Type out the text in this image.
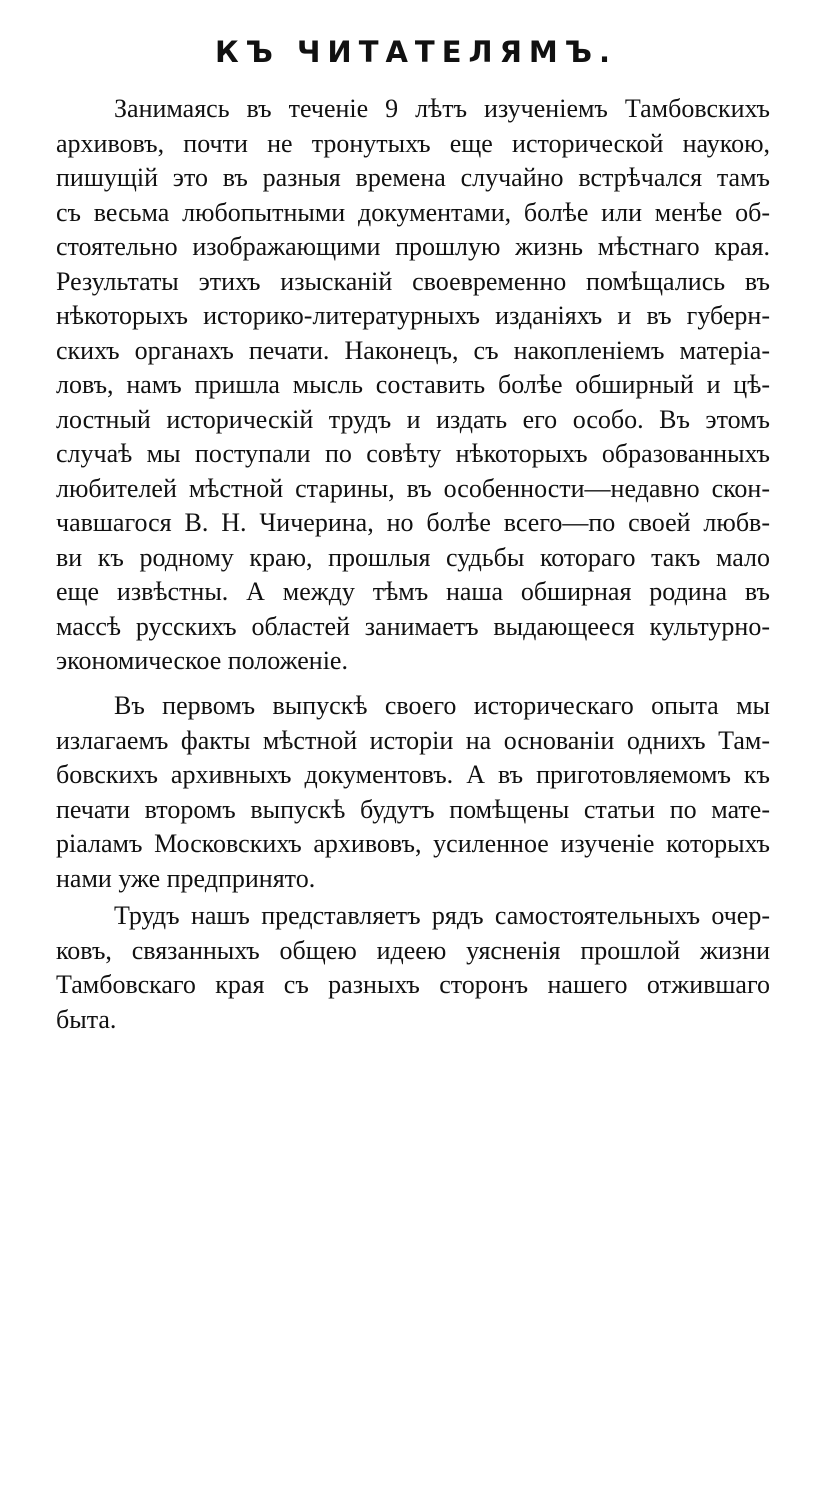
КЪ ЧИТАТЕЛЯМЪ.
Занимаясь въ теченіе 9 лѣтъ изученіемъ Тамбовскихъ
архивовъ, почти не тронутыхъ еще исторической наукою,
пишущій это въ разныя времена случайно встрѣчался тамъ
съ весьма любопытными документами, болѣе или менѣе об-
стоятельно изображающими прошлую жизнь мѣстнаго края.
Результаты этихъ изысканій своевременно помѣщались въ
нѣкоторыхъ историко-литературныхъ изданіяхъ и въ губерн-
скихъ органахъ печати. Наконецъ, съ накопленіемъ матеріа-
ловъ, намъ пришла мысль составить болѣе обширный и цѣ-
лостный историческій трудъ и издать его особо. Въ этомъ
случаѣ мы поступали по совѣту нѣкоторыхъ образованныхъ
любителей мѣстной старины, въ особенности—недавно скон-
чавшагося В. Н. Чичерина, но болѣе всего—по своей любв-
ви къ родному краю, прошлыя судьбы котораго такъ мало
еще извѣстны. А между тѣмъ наша обширная родина въ
массѣ русскихъ областей занимаетъ выдающееся культурно-
экономическое положеніе.
Въ первомъ выпускѣ своего историческаго опыта мы
излагаемъ факты мѣстной исторіи на основаніи однихъ Там-
бовскихъ архивныхъ документовъ. А въ приготовляемомъ къ
печати второмъ выпускѣ будутъ помѣщены статьи по мате-
ріаламъ Московскихъ архивовъ, усиленное изученіе которыхъ
нами уже предпринято.
Трудъ нашъ представляетъ рядъ самостоятельныхъ очер-
ковъ, связанныхъ общею идеею уясненія прошлой жизни
Тамбовскаго края съ разныхъ сторонъ нашего отжившаго
быта.
